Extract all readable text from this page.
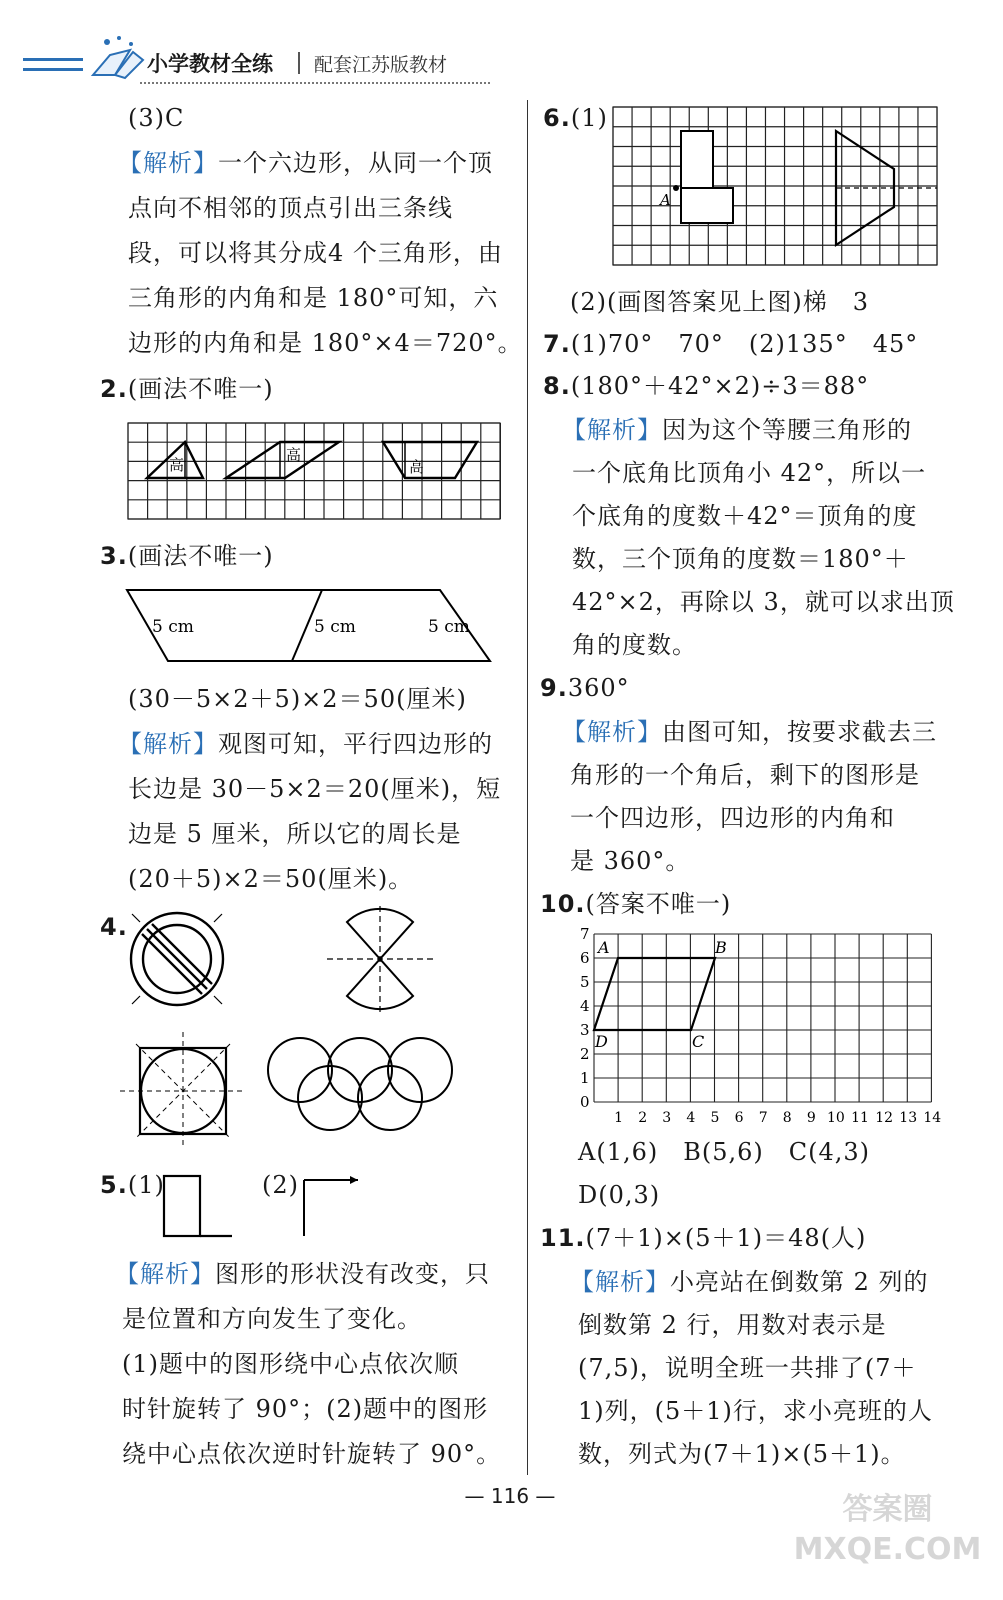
小学教材全练 配套江苏版教材
(3)C
【解析】一个六边形，从同一个顶
点向不相邻的顶点引出三条线
段，可以将其分成4 个三角形，由
三角形的内角和是 180°可知，六
边形的内角和是 180°×4＝720°。
2.(画法不唯一)
高
高
高
3.(画法不唯一)
5 cm	5 cm	5 cm
(30－5×2＋5)×2＝50(厘米)
【解析】观图可知，平行四边形的
长边是 30－5×2＝20(厘米)，短
边是 5 厘米，所以它的周长是
(20＋5)×2＝50(厘米)。
4.
5.(1)	(2)
【解析】图形的形状没有改变，只
是位置和方向发生了变化。
(1)题中的图形绕中心点依次顺
时针旋转了 90°；(2)题中的图形
绕中心点依次逆时针旋转了 90°。
6.(1)
A
(2)(画图答案见上图)梯　3
7.(1)70°　70°　(2)135°　45°
8.(180°＋42°×2)÷3＝88°
【解析】因为这个等腰三角形的
一个底角比顶角小 42°，所以一
个底角的度数＋42°＝顶角的度
数，三个顶角的度数＝180°＋
42°×2，再除以 3，就可以求出顶
角的度数。
9.360°
【解析】由图可知，按要求截去三
角形的一个角后，剩下的图形是
一个四边形，四边形的内角和
是 360°。
10.(答案不唯一)
0
1
2
3
4
5
6
7
1 2 3 4 5 6 7 8 9 10 11 12 13 14
A	B
C
D
A(1,6)　B(5,6)　C(4,3)
D(0,3)
11.(7＋1)×(5＋1)＝48(人)
【解析】小亮站在倒数第 2 列的
倒数第 2 行，用数对表示是
(7,5)，说明全班一共排了(7＋
1)列，(5＋1)行，求小亮班的人
数，列式为(7＋1)×(5＋1)。
— 116 —	答案圈 MXQE.COM
